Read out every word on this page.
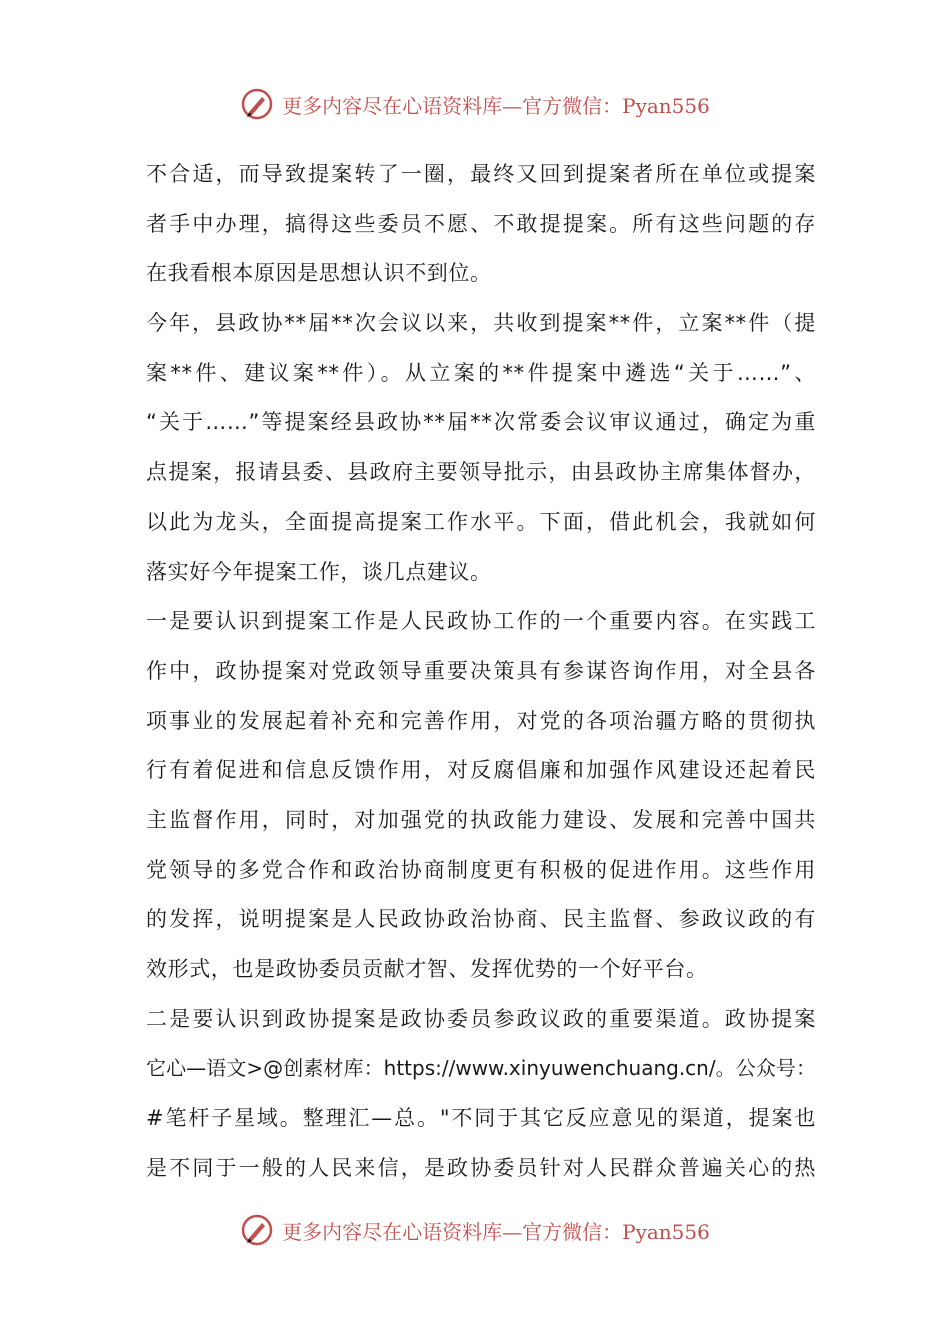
更多内容尽在心语资料库—官方微信：Pyan556
不合适，而导致提案转了一圈，最终又回到提案者所在单位或提案
者手中办理，搞得这些委员不愿、不敢提提案。所有这些问题的存
在我看根本原因是思想认识不到位。
今年，县政协**届**次会议以来，共收到提案**件，立案**件（提
案**件、建议案**件）。从立案的**件提案中遴选“关于……”、
“关于……”等提案经县政协**届**次常委会议审议通过，确定为重
点提案，报请县委、县政府主要领导批示，由县政协主席集体督办，
以此为龙头，全面提高提案工作水平。下面，借此机会，我就如何
落实好今年提案工作，谈几点建议。
一是要认识到提案工作是人民政协工作的一个重要内容。在实践工
作中，政协提案对党政领导重要决策具有参谋咨询作用，对全县各
项事业的发展起着补充和完善作用，对党的各项治疆方略的贯彻执
行有着促进和信息反馈作用，对反腐倡廉和加强作风建设还起着民
主监督作用，同时，对加强党的执政能力建设、发展和完善中国共
党领导的多党合作和政治协商制度更有积极的促进作用。这些作用
的发挥，说明提案是人民政协政治协商、民主监督、参政议政的有
效形式，也是政协委员贡献才智、发挥优势的一个好平台。
二是要认识到政协提案是政协委员参政议政的重要渠道。政协提案
它心—语文>@创素材库：https://www.xinyuwenchuang.cn/。公众号：
#笔杆子星域。整理汇—总。"不同于其它反应意见的渠道，提案也
是不同于一般的人民来信，是政协委员针对人民群众普遍关心的热
更多内容尽在心语资料库—官方微信：Pyan556
